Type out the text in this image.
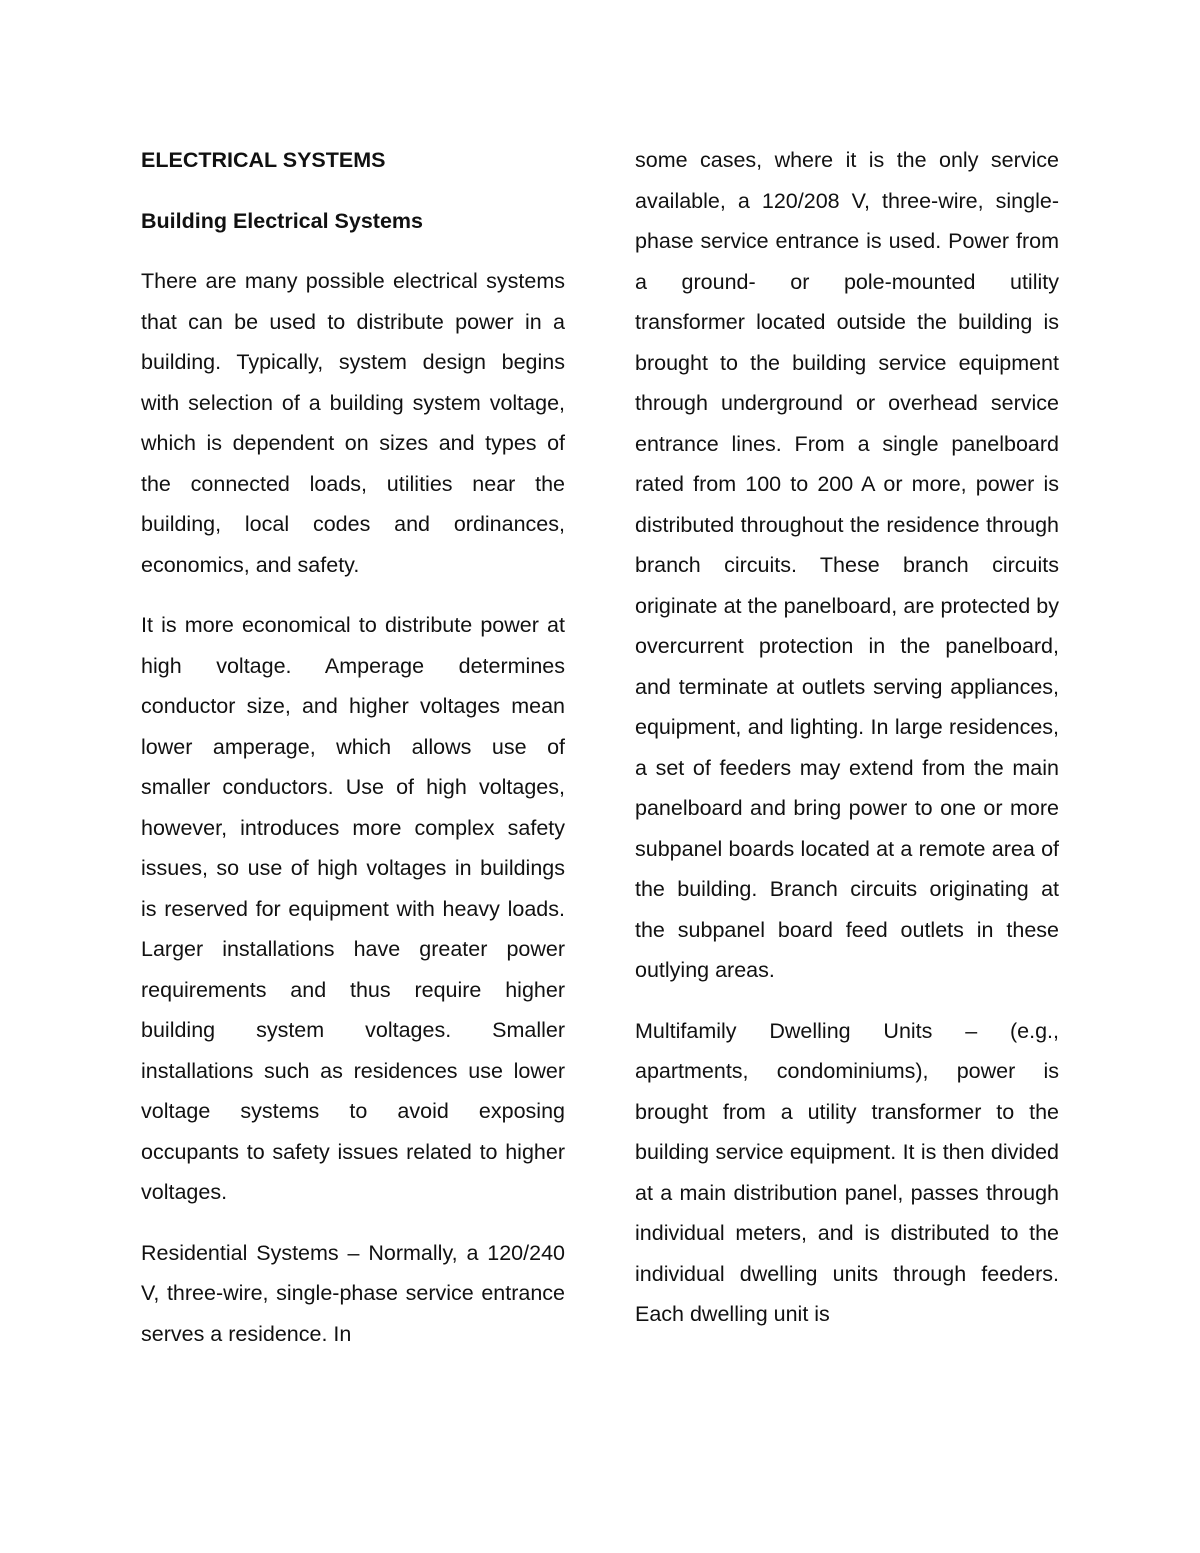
ELECTRICAL SYSTEMS
Building Electrical Systems
There are many possible electrical systems that can be used to distribute power in a building. Typically, system design begins with selection of a building system voltage, which is dependent on sizes and types of the connected loads, utilities near the building, local codes and ordinances, economics, and safety.
It is more economical to distribute power at high voltage. Amperage determines conductor size, and higher voltages mean lower amperage, which allows use of smaller conductors. Use of high voltages, however, introduces more complex safety issues, so use of high voltages in buildings is reserved for equipment with heavy loads. Larger installations have greater power requirements and thus require higher building system voltages. Smaller installations such as residences use lower voltage systems to avoid exposing occupants to safety issues related to higher voltages.
Residential Systems – Normally, a 120/240 V, three-wire, single-phase service entrance serves a residence. In
some cases, where it is the only service available, a 120/208 V, three-wire, single-phase service entrance is used. Power from a ground- or pole-mounted utility transformer located outside the building is brought to the building service equipment through underground or overhead service entrance lines. From a single panelboard rated from 100 to 200 A or more, power is distributed throughout the residence through branch circuits. These branch circuits originate at the panelboard, are protected by overcurrent protection in the panelboard, and terminate at outlets serving appliances, equipment, and lighting. In large residences, a set of feeders may extend from the main panelboard and bring power to one or more subpanel boards located at a remote area of the building. Branch circuits originating at the subpanel board feed outlets in these outlying areas.
Multifamily Dwelling Units – (e.g., apartments, condominiums), power is brought from a utility transformer to the building service equipment. It is then divided at a main distribution panel, passes through individual meters, and is distributed to the individual dwelling units through feeders. Each dwelling unit is
